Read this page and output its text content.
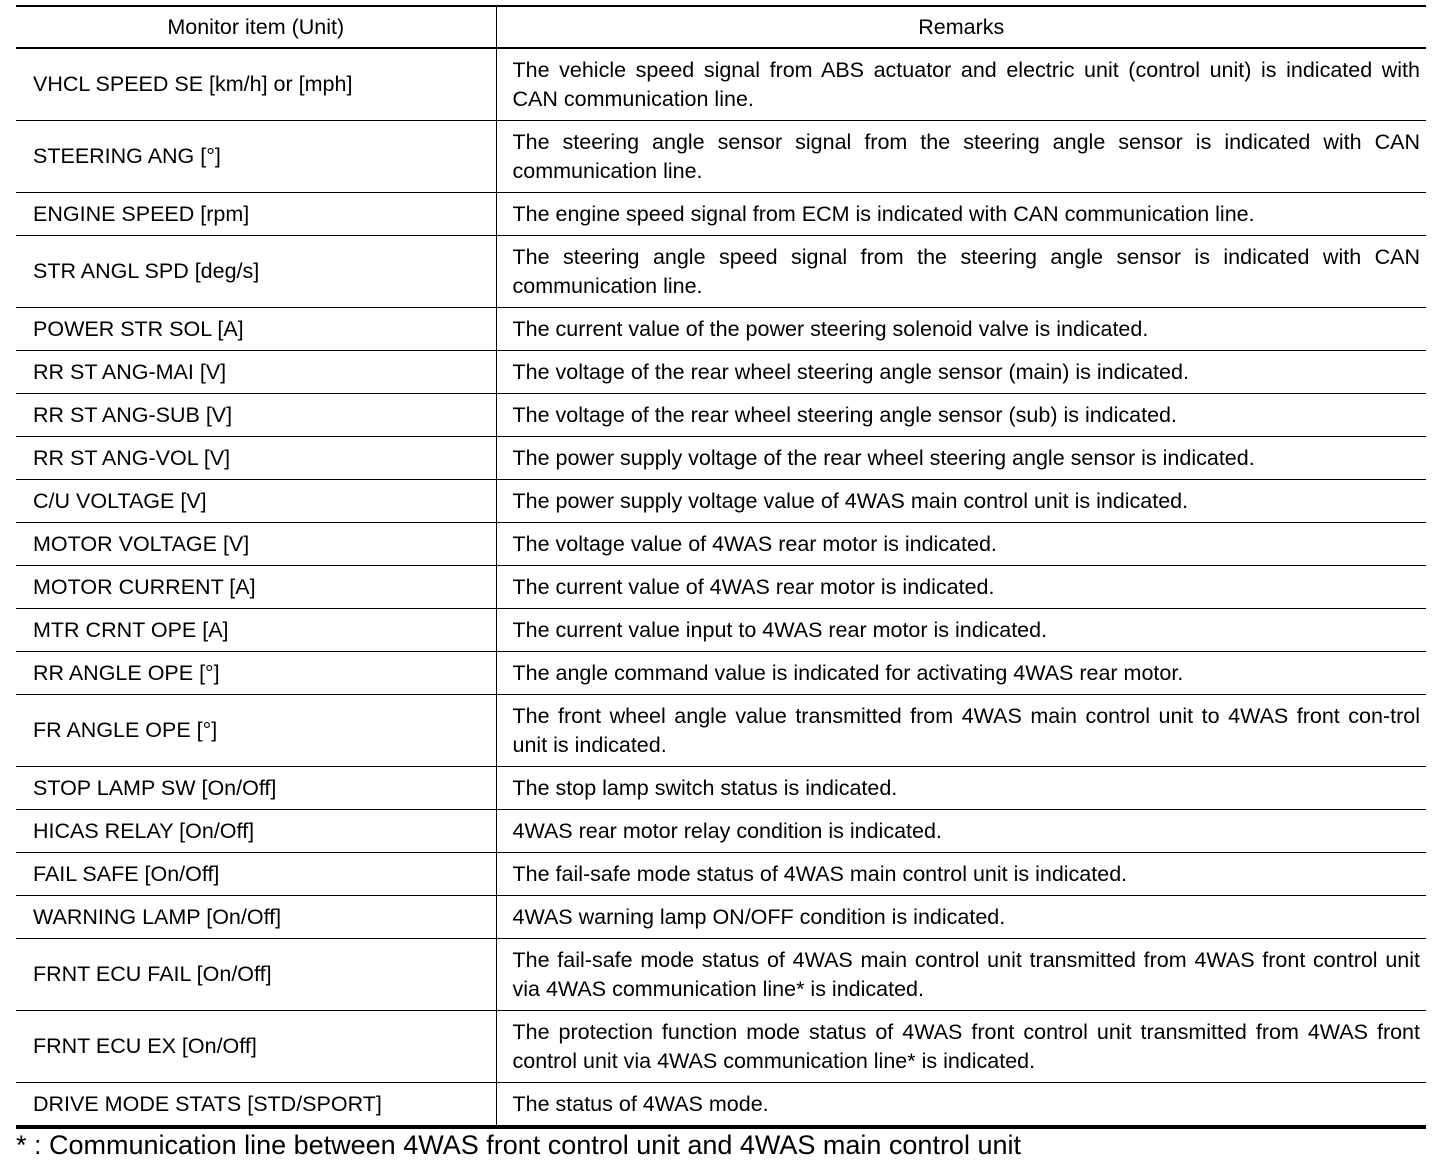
Monitor item (Unit)	Remarks
VHCL SPEED SE [km/h] or [mph]	The vehicle speed signal from ABS actuator and electric unit (control unit) is indicated with CAN communication line.
STEERING ANG [°]	The steering angle sensor signal from the steering angle sensor is indicated with CAN communication line.
ENGINE SPEED [rpm]	The engine speed signal from ECM is indicated with CAN communication line.
STR ANGL SPD [deg/s]	The steering angle speed signal from the steering angle sensor is indicated with CAN communication line.
POWER STR SOL [A]	The current value of the power steering solenoid valve is indicated.
RR ST ANG-MAI [V]	The voltage of the rear wheel steering angle sensor (main) is indicated.
RR ST ANG-SUB [V]	The voltage of the rear wheel steering angle sensor (sub) is indicated.
RR ST ANG-VOL [V]	The power supply voltage of the rear wheel steering angle sensor is indicated.
C/U VOLTAGE [V]	The power supply voltage value of 4WAS main control unit is indicated.
MOTOR VOLTAGE [V]	The voltage value of 4WAS rear motor is indicated.
MOTOR CURRENT [A]	The current value of 4WAS rear motor is indicated.
MTR CRNT OPE [A]	The current value input to 4WAS rear motor is indicated.
RR ANGLE OPE [°]	The angle command value is indicated for activating 4WAS rear motor.
FR ANGLE OPE [°]	The front wheel angle value transmitted from 4WAS main control unit to 4WAS front con-trol unit is indicated.
STOP LAMP SW [On/Off]	The stop lamp switch status is indicated.
HICAS RELAY [On/Off]	4WAS rear motor relay condition is indicated.
FAIL SAFE [On/Off]	The fail-safe mode status of 4WAS main control unit is indicated.
WARNING LAMP [On/Off]	4WAS warning lamp ON/OFF condition is indicated.
FRNT ECU FAIL [On/Off]	The fail-safe mode status of 4WAS main control unit transmitted from 4WAS front control unit via 4WAS communication line* is indicated.
FRNT ECU EX [On/Off]	The protection function mode status of 4WAS front control unit transmitted from 4WAS front control unit via 4WAS communication line* is indicated.
DRIVE MODE STATS [STD/SPORT]	The status of 4WAS mode.
* : Communication line between 4WAS front control unit and 4WAS main control unit
